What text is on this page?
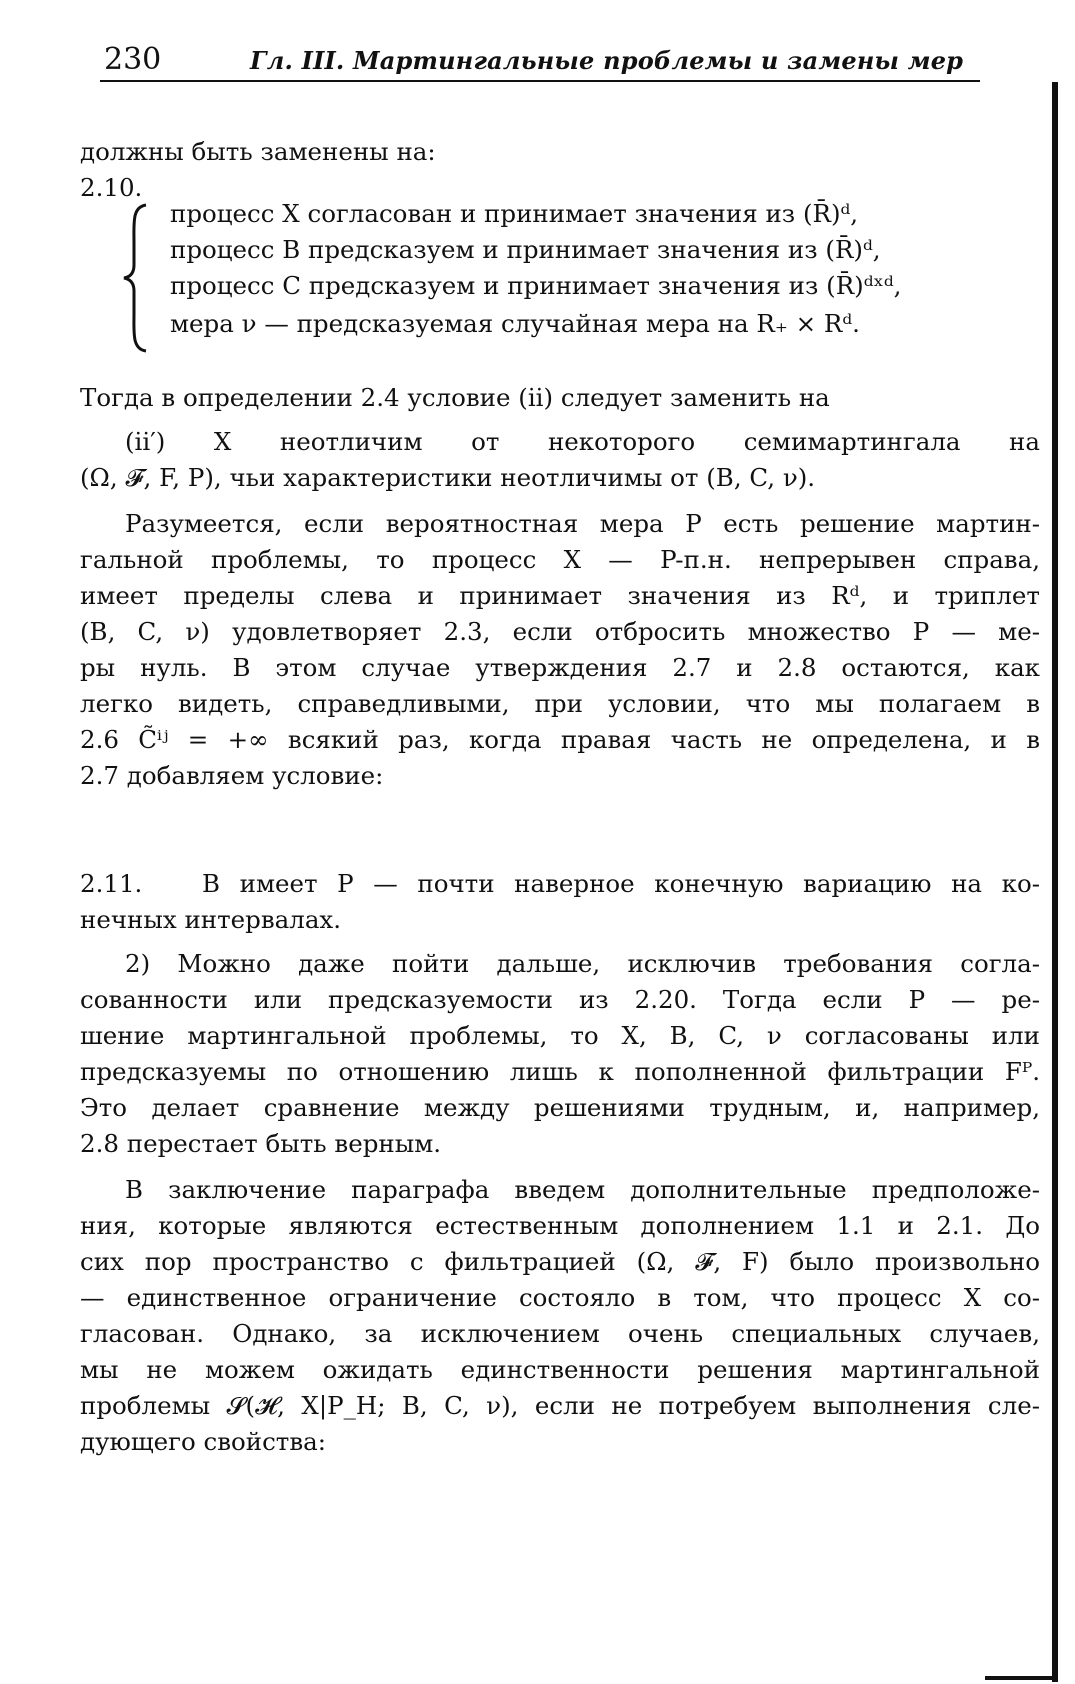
230	Гл. III. Мартингальные проблемы и замены мер
должны быть заменены на:
2.10.
процесс X согласован и принимает значения из (R̄)ᵈ,
процесс B предсказуем и принимает значения из (R̄)ᵈ,
процесс C предсказуем и принимает значения из (R̄)ᵈˣᵈ,
мера ν — предсказуемая случайная мера на R₊ × Rᵈ.
Тогда в определении 2.4 условие (ii) следует заменить на
(ii′) X неотличим от некоторого семимартингала на
(Ω, 𝓕, F, P), чьи характеристики неотличимы от (B, C, ν).
Разумеется, если вероятностная мера P есть решение мартин-
гальной проблемы, то процесс X — P-п.н. непрерывен справа,
имеет пределы слева и принимает значения из Rᵈ, и триплет
(B, C, ν) удовлетворяет 2.3, если отбросить множество P — ме-
ры нуль. В этом случае утверждения 2.7 и 2.8 остаются, как
легко видеть, справедливыми, при условии, что мы полагаем в
2.6 C̃ⁱʲ = +∞ всякий раз, когда правая часть не определена, и в
2.7 добавляем условие:
2.11.	B имеет P — почти наверное конечную вариацию на ко-
нечных интервалах.
2) Можно даже пойти дальше, исключив требования согла-
сованности или предсказуемости из 2.20. Тогда если P — ре-
шение мартингальной проблемы, то X, B, C, ν согласованы или
предсказуемы по отношению лишь к пополненной фильтрации Fᴾ.
Это делает сравнение между решениями трудным, и, например,
2.8 перестает быть верным.
В заключение параграфа введем дополнительные предположе-
ния, которые являются естественным дополнением 1.1 и 2.1. До
сих пор пространство с фильтрацией (Ω, 𝓕, F) было произвольно
— единственное ограничение состояло в том, что процесс X со-
гласован. Однако, за исключением очень специальных случаев,
мы не можем ожидать единственности решения мартингальной
проблемы 𝓢(𝓗, X|P_H; B, C, ν), если не потребуем выполнения сле-
дующего свойства:
